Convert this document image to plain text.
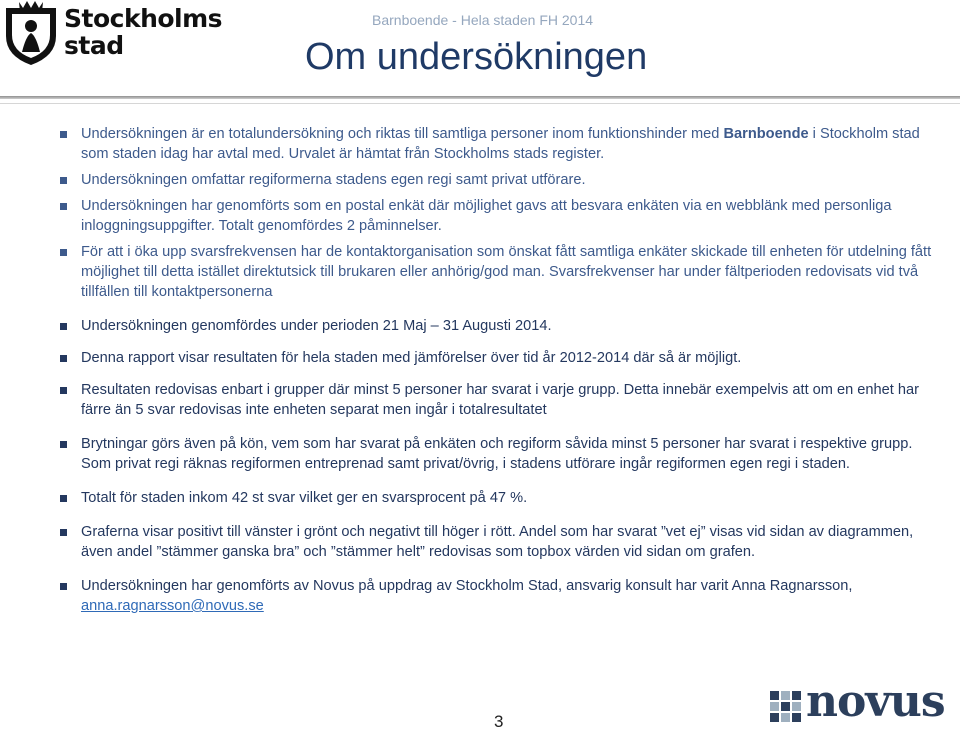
Stockholms
stad
Barnboende - Hela staden FH 2014
Om undersökningen
Undersökningen är en totalundersökning och riktas till samtliga personer inom funktionshinder med Barnboende i Stockholm stad som staden idag har avtal med. Urvalet är hämtat från Stockholms stads register.
Undersökningen omfattar regiformerna stadens egen regi samt privat utförare.
Undersökningen har genomförts som en postal enkät där möjlighet gavs att besvara enkäten via en webblänk med personliga inloggningsuppgifter. Totalt genomfördes 2 påminnelser.
För att i öka upp svarsfrekvensen har de kontaktorganisation som önskat fått samtliga enkäter skickade till enheten för utdelning fått möjlighet till detta istället direktutsick till brukaren eller anhörig/god man. Svarsfrekvenser har under fältperioden redovisats vid två tillfällen till kontaktpersonerna
Undersökningen genomfördes under perioden 21 Maj – 31 Augusti 2014.
Denna rapport visar resultaten för hela staden med jämförelser över tid år 2012-2014 där så är möjligt.
Resultaten redovisas enbart i grupper där minst 5 personer har svarat i varje grupp. Detta innebär exempelvis att om en enhet har färre än 5 svar redovisas inte enheten separat men ingår i totalresultatet
Brytningar görs även på kön, vem som har svarat på enkäten och regiform såvida minst 5 personer har svarat i respektive grupp. Som privat regi räknas regiformen entreprenad samt privat/övrig, i stadens utförare ingår regiformen egen regi i staden.
Totalt för staden inkom 42 st svar vilket ger en svarsprocent på 47 %.
Graferna visar positivt till vänster i grönt och negativt till höger i rött. Andel som har svarat ”vet ej” visas vid sidan av diagrammen, även andel ”stämmer ganska bra” och ”stämmer helt” redovisas som topbox värden vid sidan om grafen.
Undersökningen har genomförts av Novus på uppdrag av Stockholm Stad, ansvarig konsult har varit Anna Ragnarsson, anna.ragnarsson@novus.se
3	novus
